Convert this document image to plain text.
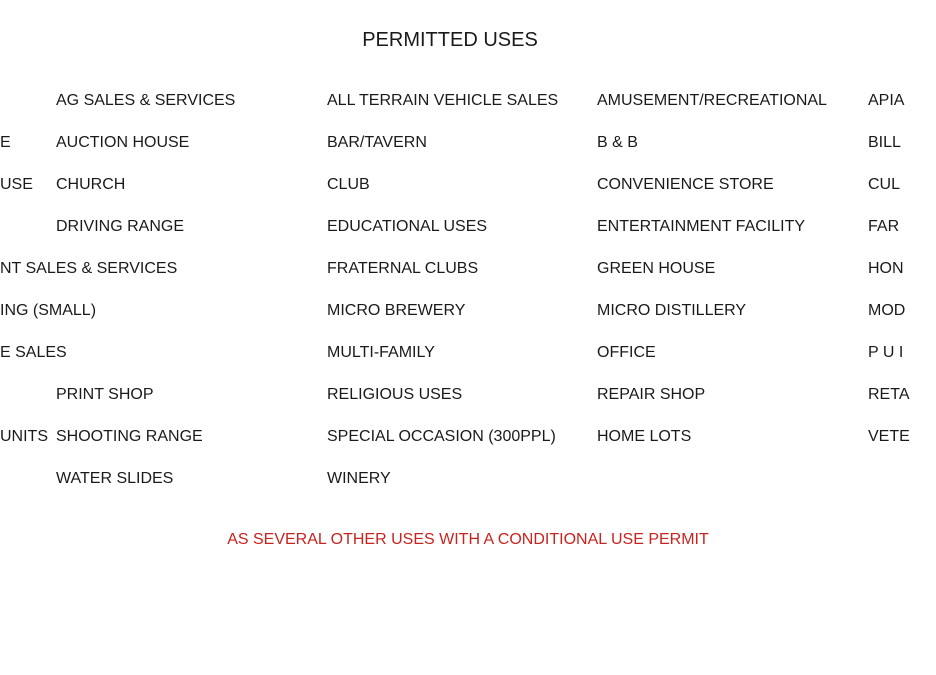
PERMITTED USES
E
USE
NT SALES & SERVICES
ING (SMALL)
E SALES
UNITS
AG SALES & SERVICES
AUCTION HOUSE
CHURCH
DRIVING RANGE
PRINT SHOP
SHOOTING RANGE
WATER SLIDES
ALL TERRAIN VEHICLE SALES
BAR/TAVERN
CLUB
EDUCATIONAL USES
FRATERNAL CLUBS
MICRO BREWERY
MULTI-FAMILY
RELIGIOUS USES
SPECIAL OCCASION (300PPL)
WINERY
AMUSEMENT/RECREATIONAL
B & B
CONVENIENCE STORE
ENTERTAINMENT FACILITY
GREEN HOUSE
MICRO DISTILLERY
OFFICE
REPAIR SHOP
HOME LOTS
APIA
BILL
CUL
FAR
HON
MOD
P U I
RETA
VETE
AS SEVERAL OTHER USES WITH A CONDITIONAL USE PERMIT
